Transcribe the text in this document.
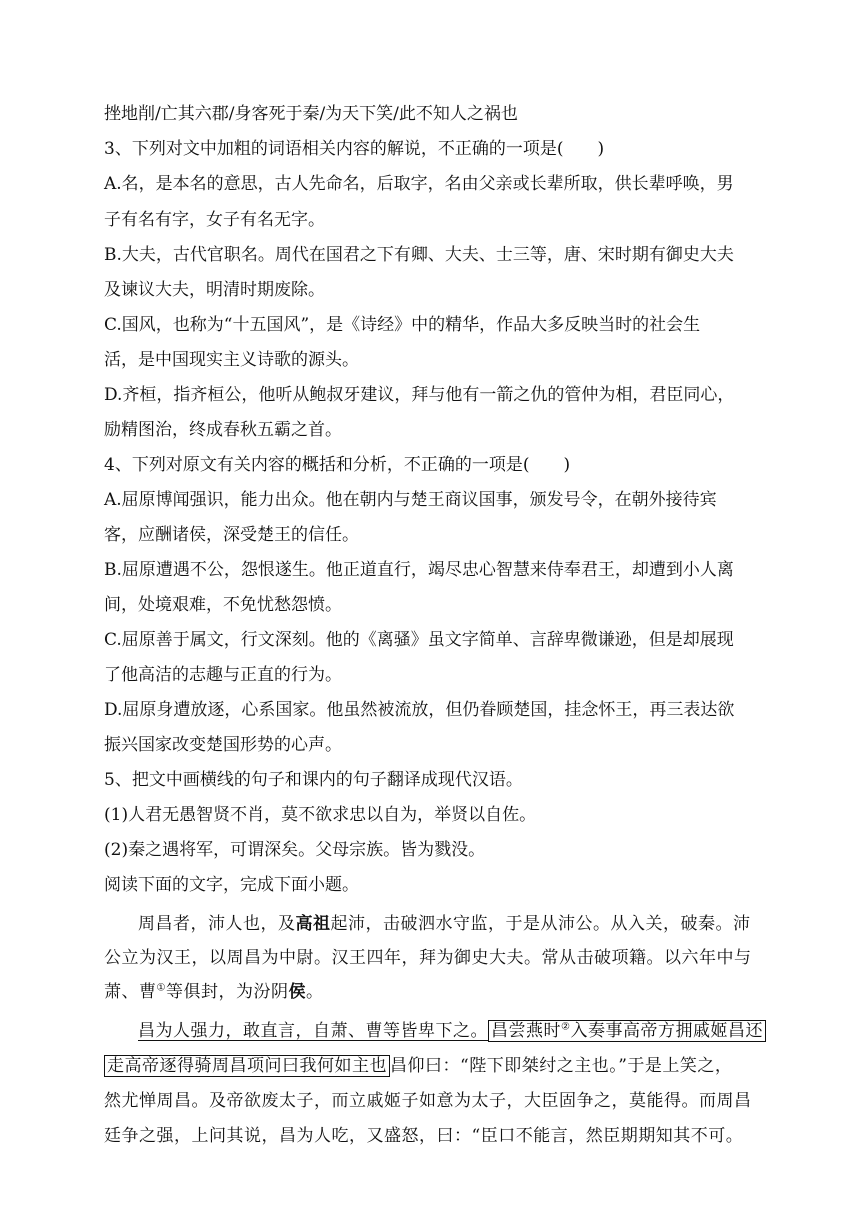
挫地削/亡其六郡/身客死于秦/为天下笑/此不知人之祸也
3、下列对文中加粗的词语相关内容的解说，不正确的一项是(　　)
A.名，是本名的意思，古人先命名，后取字，名由父亲或长辈所取，供长辈呼唤，男
子有名有字，女子有名无字。
B.大夫，古代官职名。周代在国君之下有卿、大夫、士三等，唐、宋时期有御史大夫
及谏议大夫，明清时期废除。
C.国风，也称为“十五国风”，是《诗经》中的精华，作品大多反映当时的社会生
活，是中国现实主义诗歌的源头。
D.齐桓，指齐桓公，他听从鲍叔牙建议，拜与他有一箭之仇的管仲为相，君臣同心，
励精图治，终成春秋五霸之首。
4、下列对原文有关内容的概括和分析，不正确的一项是(　　)
A.屈原博闻强识，能力出众。他在朝内与楚王商议国事，颁发号令，在朝外接待宾
客，应酬诸侯，深受楚王的信任。
B.屈原遭遇不公，怨恨遂生。他正道直行，竭尽忠心智慧来侍奉君王，却遭到小人离
间，处境艰难，不免忧愁怨愤。
C.屈原善于属文，行文深刻。他的《离骚》虽文字简单、言辞卑微谦逊，但是却展现
了他高洁的志趣与正直的行为。
D.屈原身遭放逐，心系国家。他虽然被流放，但仍眷顾楚国，挂念怀王，再三表达欲
振兴国家改变楚国形势的心声。
5、把文中画横线的句子和课内的句子翻译成现代汉语。
(1)人君无愚智贤不肖，莫不欲求忠以自为，举贤以自佐。
(2)秦之遇将军，可谓深矣。父母宗族。皆为戮没。
阅读下面的文字，完成下面小题。
周昌者，沛人也，及高祖起沛，击破泗水守监，于是从沛公。从入关，破秦。沛
公立为汉王，以周昌为中尉。汉王四年，拜为御史大夫。常从击破项籍。以六年中与
萧、曹①等俱封，为汾阴侯。
昌为人强力，敢直言，自萧、曹等皆卑下之。 昌尝燕时②入奏事高帝方拥戚姬昌还
走高帝逐得骑周昌项问曰我何如主也 昌仰曰：“陛下即桀纣之主也。”于是上笑之，
然尤惮周昌。及帝欲废太子，而立戚姬子如意为太子，大臣固争之，莫能得。而周昌
廷争之强，上问其说，昌为人吃，又盛怒，曰：“臣口不能言，然臣期期知其不可。
